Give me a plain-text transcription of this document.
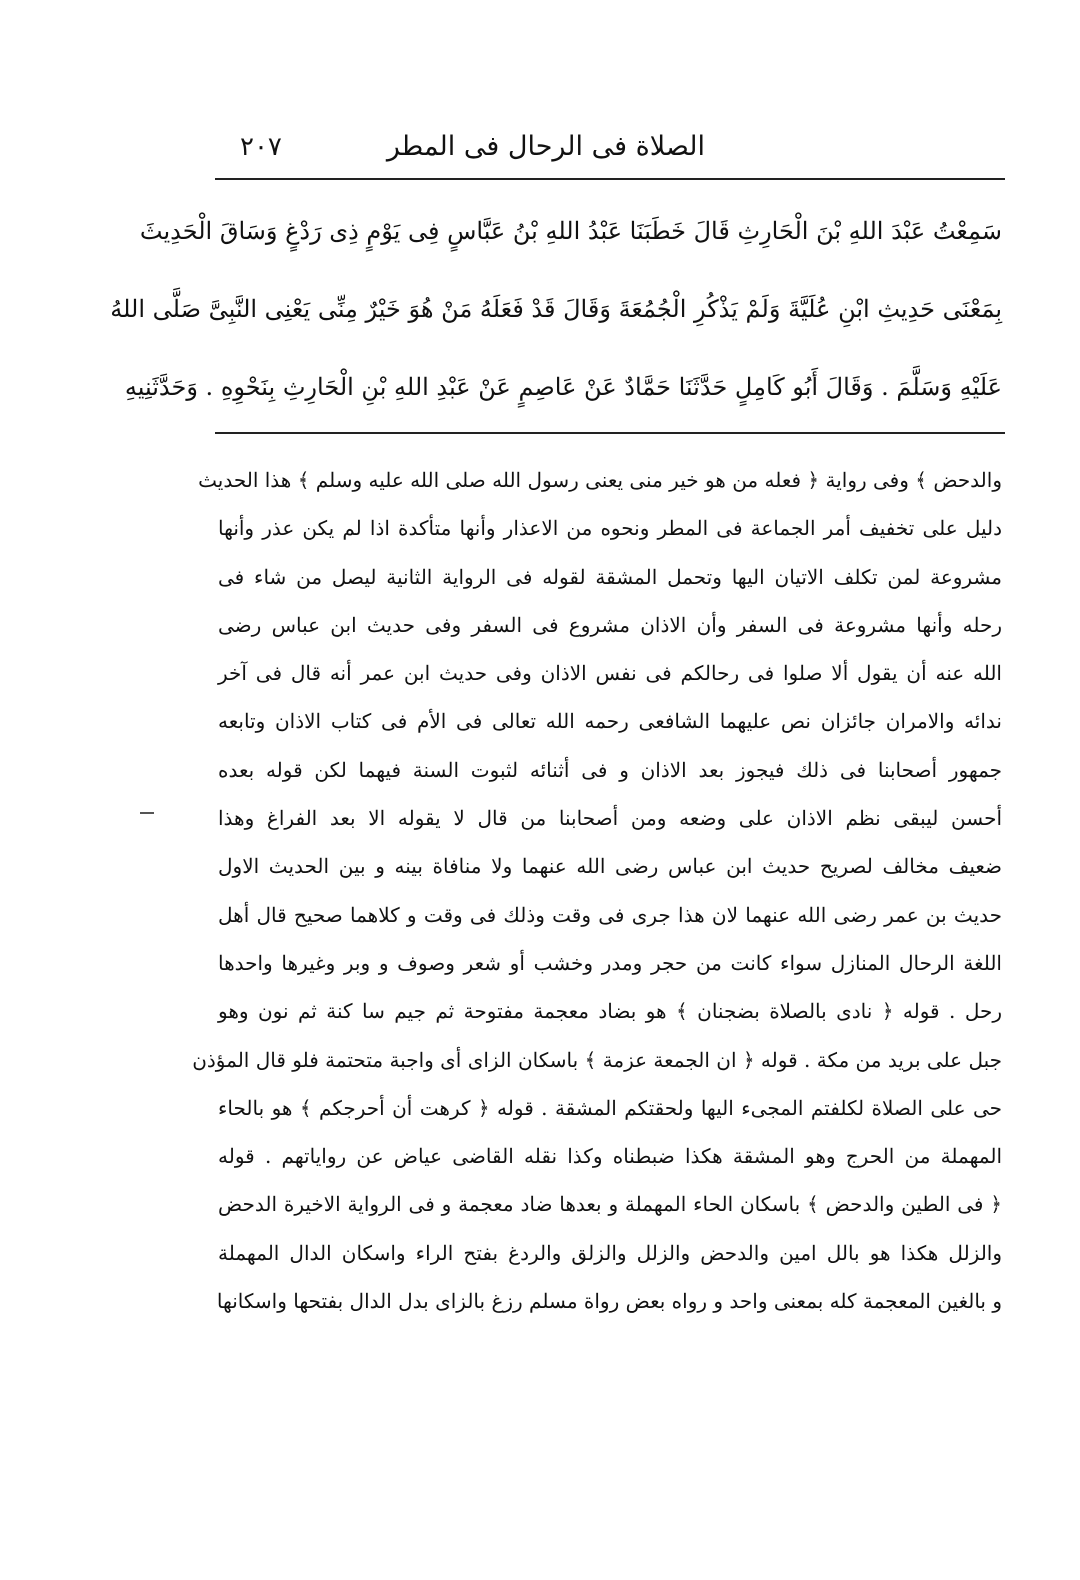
الصلاة فى الرحال فى المطر
٢٠٧
سَمِعْتُ عَبْدَ اللهِ بْنَ الْحَارِثِ قَالَ خَطَبَنَا عَبْدُ اللهِ بْنُ عَبَّاسٍ فِى يَوْمٍ ذِى رَدْغٍ وَسَاقَ الْحَدِيثَ
بِمَعْنَى حَدِيثِ ابْنِ عُلَيَّةَ وَلَمْ يَذْكُرِ الْجُمُعَةَ وَقَالَ قَدْ فَعَلَهُ مَنْ هُوَ خَيْرٌ مِنِّى يَعْنِى النَّبِىَّ صَلَّى اللهُ
عَلَيْهِ وَسَلَّمَ . وَقَالَ أَبُو كَامِلٍ حَدَّثَنَا حَمَّادٌ عَنْ عَاصِمٍ عَنْ عَبْدِ اللهِ بْنِ الْحَارِثِ بِنَحْوِهِ . وَحَدَّثَنِيهِ
والدحض ﴾ وفى رواية ﴿ فعله من هو خير منى يعنى رسول الله صلى الله عليه وسلم ﴾ هذا الحديث
دليل على تخفيف أمر الجماعة فى المطر ونحوه من الاعذار وأنها متأكدة اذا لم يكن عذر وأنها
مشروعة لمن تكلف الاتيان اليها وتحمل المشقة لقوله فى الرواية الثانية ليصل من شاء فى
رحله وأنها مشروعة فى السفر وأن الاذان مشروع فى السفر وفى حديث ابن عباس رضى
الله عنه أن يقول ألا صلوا فى رحالكم فى نفس الاذان وفى حديث ابن عمر أنه قال فى آخر
ندائه والامران جائزان نص عليهما الشافعى رحمه الله تعالى فى الأم فى كتاب الاذان وتابعه
جمهور أصحابنا فى ذلك فيجوز بعد الاذان و فى أثنائه لثبوت السنة فيهما لكن قوله بعده
أحسن ليبقى نظم الاذان على وضعه ومن أصحابنا من قال لا يقوله الا بعد الفراغ وهذا
ضعيف مخالف لصريح حديث ابن عباس رضى الله عنهما ولا منافاة بينه و بين الحديث الاول
حديث بن عمر رضى الله عنهما لان هذا جرى فى وقت وذلك فى وقت و كلاهما صحيح قال أهل
اللغة الرحال المنازل سواء كانت من حجر ومدر وخشب أو شعر وصوف و وبر وغيرها واحدها
رحل . قوله ﴿ نادى بالصلاة بضجنان ﴾ هو بضاد معجمة مفتوحة ثم جيم سا كنة ثم نون وهو
جبل على بريد من مكة . قوله ﴿ ان الجمعة عزمة ﴾ باسكان الزاى أى واجبة متحتمة فلو قال المؤذن
حى على الصلاة لكلفتم المجىء اليها ولحقتكم المشقة . قوله ﴿ كرهت أن أحرجكم ﴾ هو بالحاء
المهملة من الحرج وهو المشقة هكذا ضبطناه وكذا نقله القاضى عياض عن رواياتهم . قوله
﴿ فى الطين والدحض ﴾ باسكان الحاء المهملة و بعدها ضاد معجمة و فى الرواية الاخيرة الدحض
والزلل هكذا هو بالل امين والدحض والزلل والزلق والردغ بفتح الراء واسكان الدال المهملة
و بالغين المعجمة كله بمعنى واحد و رواه بعض رواة مسلم رزغ بالزاى بدل الدال بفتحها واسكانها
